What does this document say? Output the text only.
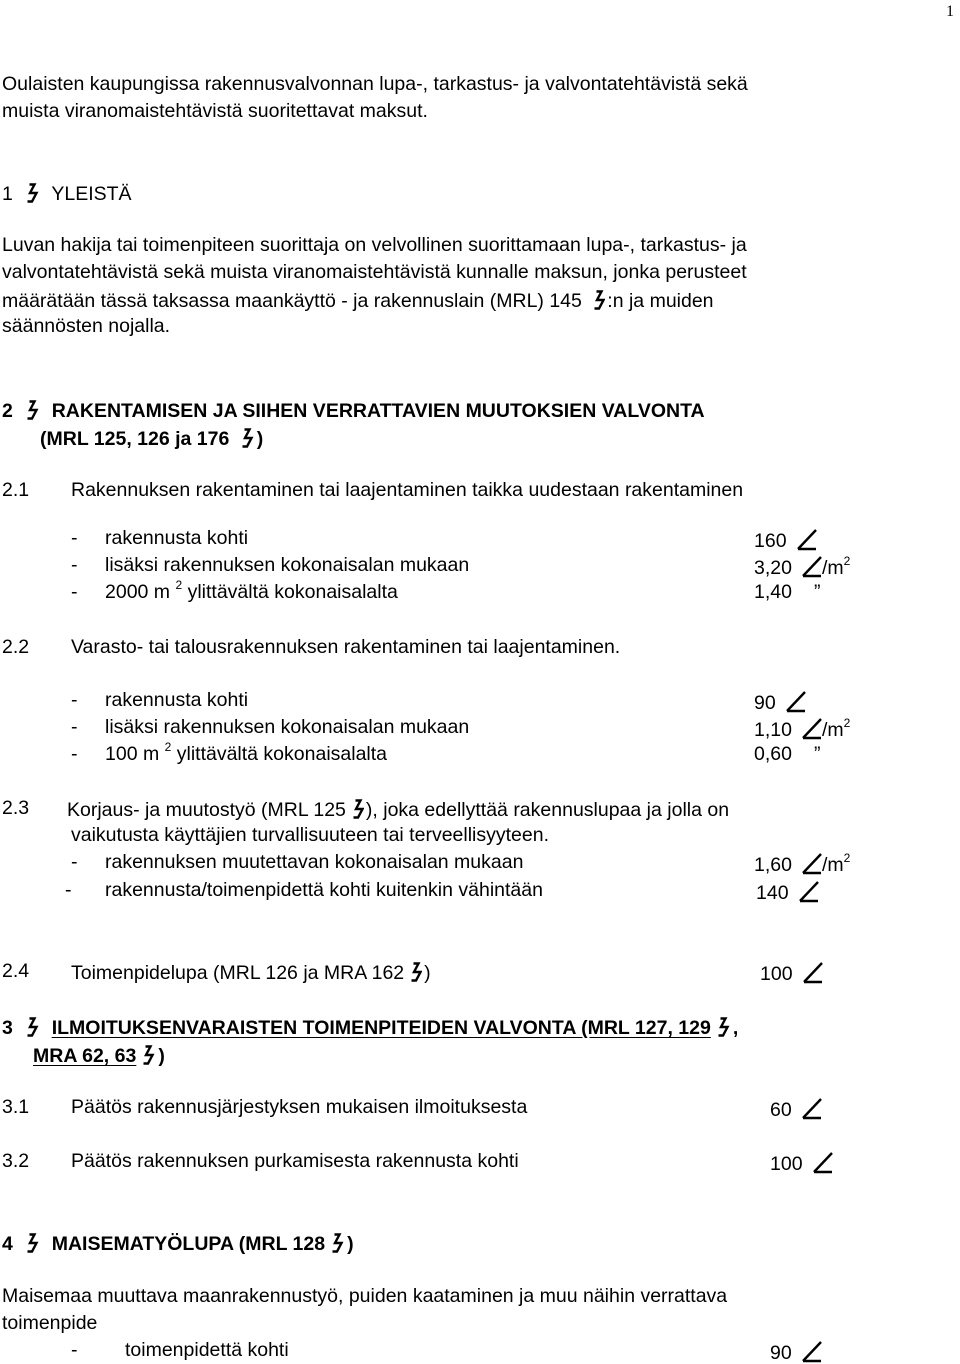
1
Oulaisten kaupungissa rakennusvalvonnan lupa-, tarkastus- ja valvontatehtävistä sekä
muista viranomaistehtävistä suoritettavat maksut.
1 YLEISTÄ
Luvan hakija tai toimenpiteen suorittaja on velvollinen suorittamaan lupa-, tarkastus- ja
valvontatehtävistä sekä muista viranomaistehtävistä kunnalle maksun, jonka perusteet
määrätään tässä taksassa maankäyttö - ja rakennuslain (MRL) 145 :n ja muiden
säännösten nojalla.
2 RAKENTAMISEN JA SIIHEN VERRATTAVIEN MUUTOKSIEN VALVONTA
(MRL 125, 126 ja 176 )
2.1 Rakennuksen rakentaminen tai laajentaminen taikka uudestaan rakentaminen
- rakennusta kohti	160
- lisäksi rakennuksen kokonaisalan mukaan	3,20 $/m^2$
- 2000 m $^2$ ylittävältä kokonaisalalta	1,40 ”
2.2 Varasto- tai talousrakennuksen rakentaminen tai laajentaminen.
- rakennusta kohti	90
- lisäksi rakennuksen kokonaisalan mukaan	1,10 $/m^2$
- 100 m $^2$ ylittävältä kokonaisalalta	0,60 ”
2.3 Korjaus- ja muutostyö (MRL 125 ), joka edellyttää rakennuslupaa ja jolla on
vaikutusta käyttäjien turvallisuuteen tai terveellisyyteen.
- rakennuksen muutettavan kokonaisalan mukaan	1,60 $/m^2$
- rakennusta/toimenpidettä kohti kuitenkin vähintään	140
2.4 Toimenpidelupa (MRL 126 ja MRA 162 )	100
3 ILMOITUKSENVARAISTEN TOIMENPITEIDEN VALVONTA (MRL 127, 129 ,
MRA 62, 63 )
3.1 Päätös rakennusjärjestyksen mukaisen ilmoituksesta	60
3.2 Päätös rakennuksen purkamisesta rakennusta kohti	100
4 MAISEMATYÖLUPA (MRL 128 )
Maisemaa muuttava maanrakennustyö, puiden kaataminen ja muu näihin verrattava
toimenpide
- toimenpidettä kohti	90
